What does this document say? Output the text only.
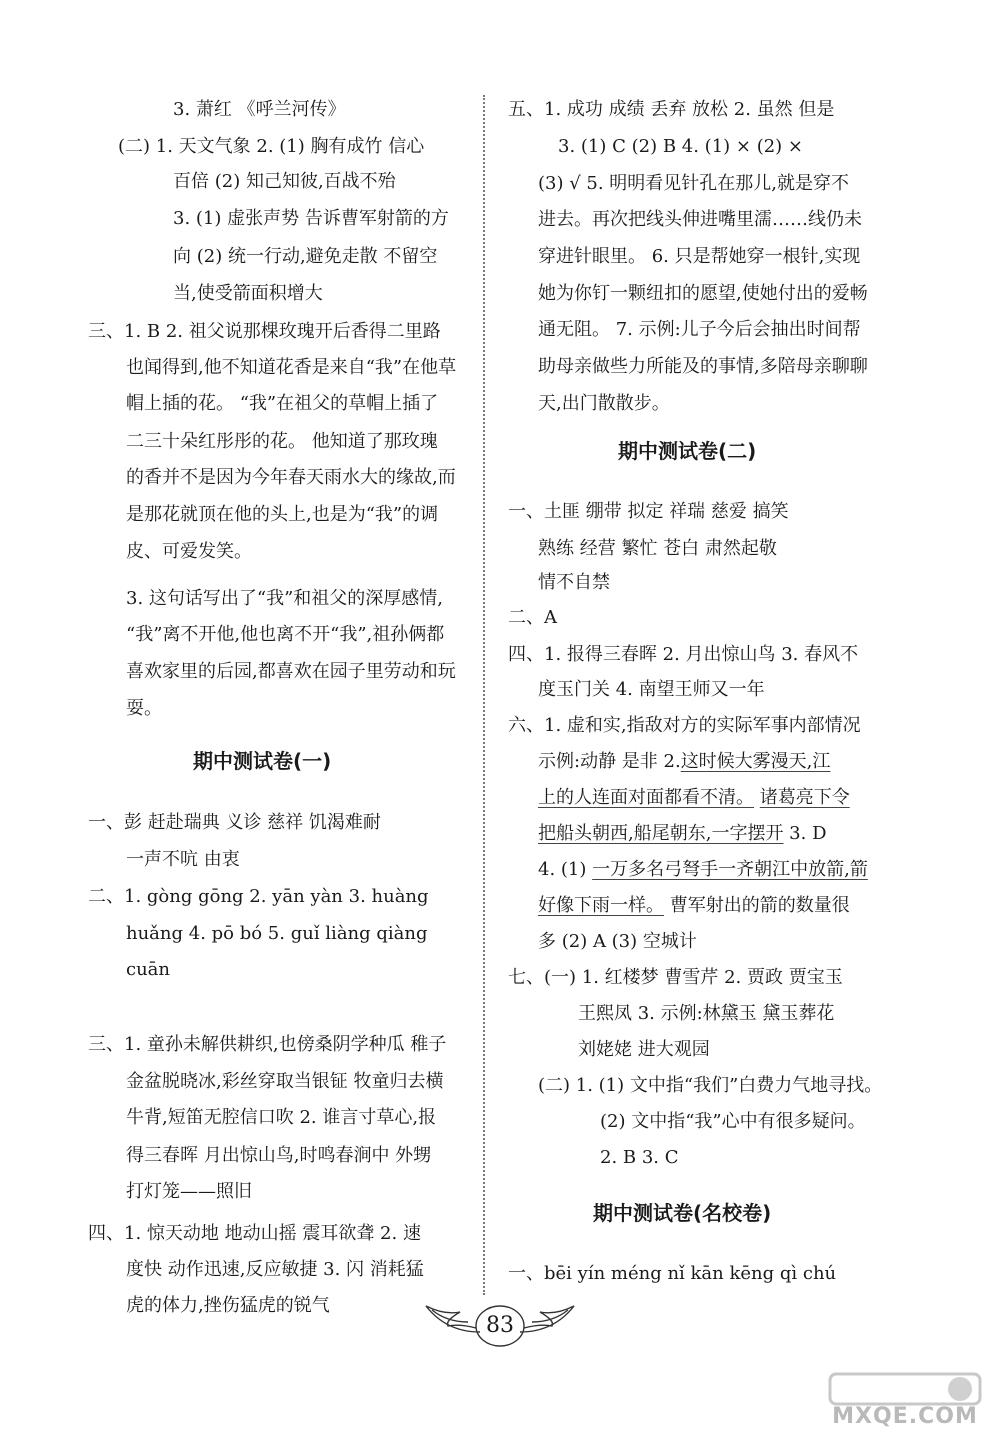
3. 萧红 《呼兰河传》
(二) 1. 天文气象 2. (1) 胸有成竹 信心
百倍 (2) 知己知彼,百战不殆
3. (1) 虚张声势 告诉曹军射箭的方
向 (2) 统一行动,避免走散 不留空
当,使受箭面积增大
三、1. B 2. 祖父说那棵玫瑰开后香得二里路
也闻得到,他不知道花香是来自“我”在他草
帽上插的花。 “我”在祖父的草帽上插了
二三十朵红彤彤的花。 他知道了那玫瑰
的香并不是因为今年春天雨水大的缘故,而
是那花就顶在他的头上,也是为“我”的调
皮、可爱发笑。
3. 这句话写出了“我”和祖父的深厚感情,
“我”离不开他,他也离不开“我”,祖孙俩都
喜欢家里的后园,都喜欢在园子里劳动和玩
耍。
期中测试卷(一)
一、彭 赶赴瑞典 义诊 慈祥 饥渴难耐
一声不吭 由衷
二、1. gòng gōng 2. yān yàn 3. huàng
huǎng 4. pō bó 5. guǐ liàng qiàng
cuān
三、1. 童孙未解供耕织,也傍桑阴学种瓜 稚子
金盆脱晓冰,彩丝穿取当银钲 牧童归去横
牛背,短笛无腔信口吹 2. 谁言寸草心,报
得三春晖 月出惊山鸟,时鸣春涧中 外甥
打灯笼——照旧
四、1. 惊天动地 地动山摇 震耳欲聋 2. 速
度快 动作迅速,反应敏捷 3. 闪 消耗猛
虎的体力,挫伤猛虎的锐气
五、1. 成功 成绩 丢弃 放松 2. 虽然 但是
3. (1) C (2) B 4. (1) × (2) ×
(3) √ 5. 明明看见针孔在那儿,就是穿不
进去。再次把线头伸进嘴里濡……线仍未
穿进针眼里。 6. 只是帮她穿一根针,实现
她为你钉一颗纽扣的愿望,使她付出的爱畅
通无阻。 7. 示例:儿子今后会抽出时间帮
助母亲做些力所能及的事情,多陪母亲聊聊
天,出门散散步。
期中测试卷(二)
一、土匪 绷带 拟定 祥瑞 慈爱 搞笑
熟练 经营 繁忙 苍白 肃然起敬
情不自禁
二、A
四、1. 报得三春晖 2. 月出惊山鸟 3. 春风不
度玉门关 4. 南望王师又一年
六、1. 虚和实,指敌对方的实际军事内部情况
示例:动静 是非 2.这时候大雾漫天,江
上的人连面对面都看不清。 诸葛亮下令
把船头朝西,船尾朝东,一字摆开 3. D
4. (1) 一万多名弓弩手一齐朝江中放箭,箭
好像下雨一样。 曹军射出的箭的数量很
多 (2) A (3) 空城计
七、(一) 1. 红楼梦 曹雪芹 2. 贾政 贾宝玉
王熙凤 3. 示例:林黛玉 黛玉葬花
刘姥姥 进大观园
(二) 1. (1) 文中指“我们”白费力气地寻找。
(2) 文中指“我”心中有很多疑问。
2. B 3. C
期中测试卷(名校卷)
一、bēi yín méng nǐ kān kēng qì chú
83
MXQE.COM
